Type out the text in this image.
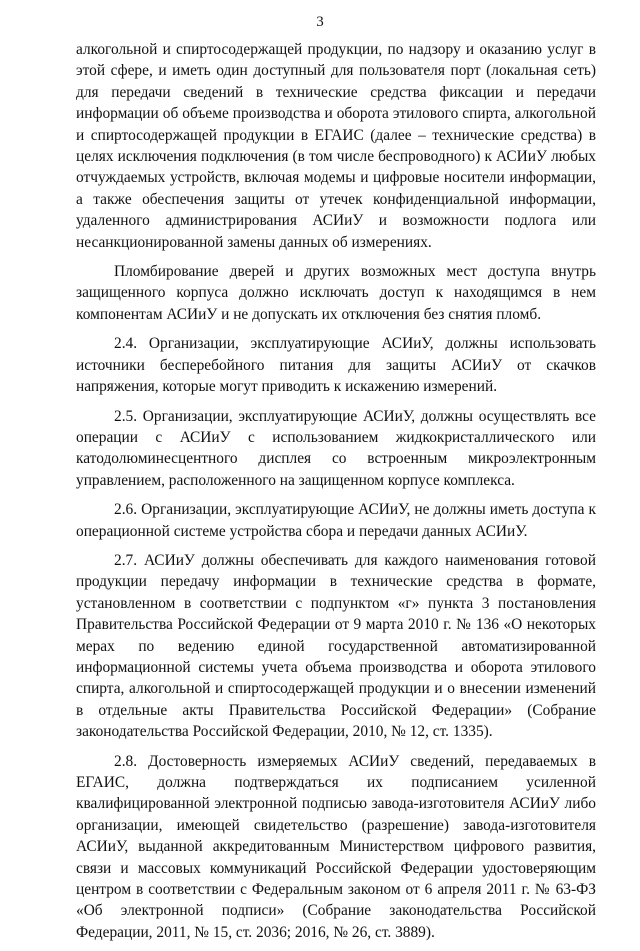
3

алкогольной и спиртосодержащей продукции, по надзору и оказанию услуг в этой сфере, и иметь один доступный для пользователя порт (локальная сеть) для передачи сведений в технические средства фиксации и передачи информации об объеме производства и оборота этилового спирта, алкогольной и спиртосодержащей продукции в ЕГАИС (далее – технические средства) в целях исключения подключения (в том числе беспроводного) к АСИиУ любых отчуждаемых устройств, включая модемы и цифровые носители информации, а также обеспечения защиты от утечек конфиденциальной информации, удаленного администрирования АСИиУ и возможности подлога или несанкционированной замены данных об измерениях.

Пломбирование дверей и других возможных мест доступа внутрь защищенного корпуса должно исключать доступ к находящимся в нем компонентам АСИиУ и не допускать их отключения без снятия пломб.

2.4. Организации, эксплуатирующие АСИиУ, должны использовать источники бесперебойного питания для защиты АСИиУ от скачков напряжения, которые могут приводить к искажению измерений.

2.5. Организации, эксплуатирующие АСИиУ, должны осуществлять все операции с АСИиУ с использованием жидкокристаллического или катодолюминесцентного дисплея со встроенным микроэлектронным управлением, расположенного на защищенном корпусе комплекса.

2.6. Организации, эксплуатирующие АСИиУ, не должны иметь доступа к операционной системе устройства сбора и передачи данных АСИиУ.

2.7. АСИиУ должны обеспечивать для каждого наименования готовой продукции передачу информации в технические средства в формате, установленном в соответствии с подпунктом «г» пункта 3 постановления Правительства Российской Федерации от 9 марта 2010 г. № 136 «О некоторых мерах по ведению единой государственной автоматизированной информационной системы учета объема производства и оборота этилового спирта, алкогольной и спиртосодержащей продукции и о внесении изменений в отдельные акты Правительства Российской Федерации» (Собрание законодательства Российской Федерации, 2010, № 12, ст. 1335).

2.8. Достоверность измеряемых АСИиУ сведений, передаваемых в ЕГАИС, должна подтверждаться их подписанием усиленной квалифицированной электронной подписью завода-изготовителя АСИиУ либо организации, имеющей свидетельство (разрешение) завода-изготовителя АСИиУ, выданной аккредитованным Министерством цифрового развития, связи и массовых коммуникаций Российской Федерации удостоверяющим центром в соответствии с Федеральным законом от 6 апреля 2011 г. № 63-ФЗ «Об электронной подписи» (Собрание законодательства Российской Федерации, 2011, № 15, ст. 2036; 2016, № 26, ст. 3889).
